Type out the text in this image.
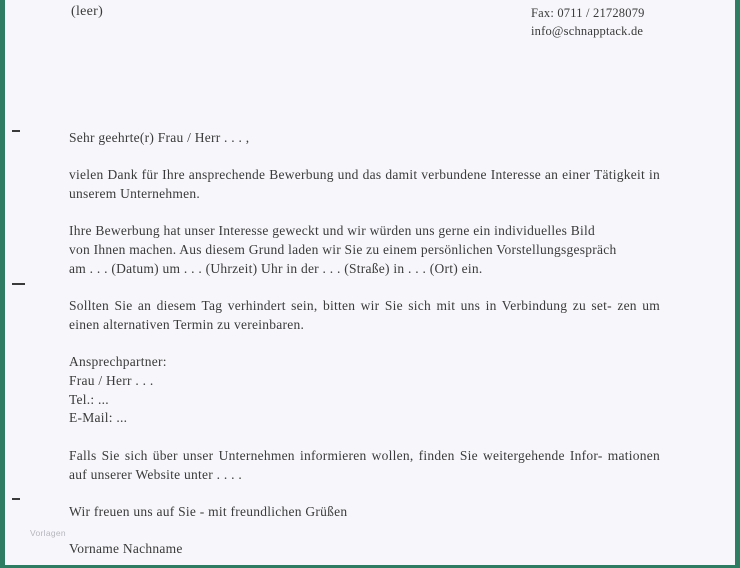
(leer)	Fax: 0711 / 21728079
info@schnapptack.de

Sehr geehrte(r) Frau / Herr . . . ,

vielen Dank für Ihre ansprechende Bewerbung und das damit verbundene Interesse an einer Tätigkeit in unserem Unternehmen.

Ihre Bewerbung hat unser Interesse geweckt und wir würden uns gerne ein individuelles Bild
von Ihnen machen. Aus diesem Grund laden wir Sie zu einem persönlichen Vorstellungsgespräch
am . . . (Datum) um . . . (Uhrzeit) Uhr in der . . . (Straße) in . . . (Ort) ein.

Sollten Sie an diesem Tag verhindert sein, bitten wir Sie sich mit uns in Verbindung zu set- zen um einen alternativen Termin zu vereinbaren.

Ansprechpartner:
Frau / Herr . . .
Tel.: ...
E-Mail: ...

Falls Sie sich über unser Unternehmen informieren wollen, finden Sie weitergehende Infor- mationen auf unserer Website unter . . . .

Wir freuen uns auf Sie - mit freundlichen Grüßen

Vorname Nachname

Vorlagen
